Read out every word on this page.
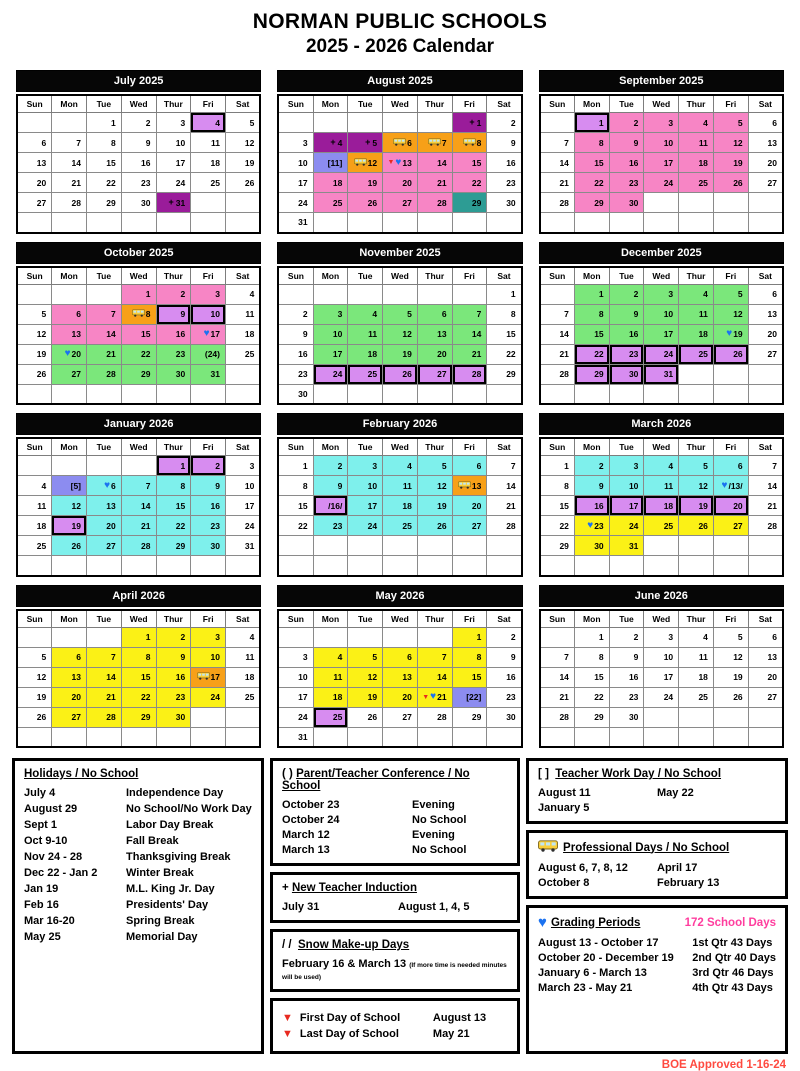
NORMAN PUBLIC SCHOOLS
2025 - 2026 Calendar
July 2025
Sun	Mon	Tue	Wed	Thur	Fri	Sat

		1	2	3	4	5

6	7	8	9	10	11	12

13	14	15	16	17	18	19

20	21	22	23	24	25	26

27	28	29	30	+ 31		

August 2025
Sun	Mon	Tue	Wed	Thur	Fri	Sat

					+ 1	2

3	+ 4	+ 5	6	7	8	9

10	[11]	12	▼ ♥ 13	14	15	16

17	18	19	20	21	22	23

24	25	26	27	28	29	30

31						

September 2025
Sun	Mon	Tue	Wed	Thur	Fri	Sat

	1	2	3	4	5	6

7	8	9	10	11	12	13

14	15	16	17	18	19	20

21	22	23	24	25	26	27

28	29	30				

October 2025
Sun	Mon	Tue	Wed	Thur	Fri	Sat

			1	2	3	4

5	6	7	8	9	10	11

12	13	14	15	16	♥ 17	18

19	♥ 20	21	22	23	(24)	25

26	27	28	29	30	31	

November 2025
Sun	Mon	Tue	Wed	Thur	Fri	Sat

						1

2	3	4	5	6	7	8

9	10	11	12	13	14	15

16	17	18	19	20	21	22

23	24	25	26	27	28	29

30						

December 2025
Sun	Mon	Tue	Wed	Thur	Fri	Sat

	1	2	3	4	5	6

7	8	9	10	11	12	13

14	15	16	17	18	♥ 19	20

21	22	23	24	25	26	27

28	29	30	31			

January 2026
Sun	Mon	Tue	Wed	Thur	Fri	Sat

				1	2	3

4	[5]	♥ 6	7	8	9	10

11	12	13	14	15	16	17

18	19	20	21	22	23	24

25	26	27	28	29	30	31

February 2026
Sun	Mon	Tue	Wed	Thur	Fri	Sat

1	2	3	4	5	6	7

8	9	10	11	12	13	14

15	/16/	17	18	19	20	21

22	23	24	25	26	27	28

March 2026
Sun	Mon	Tue	Wed	Thur	Fri	Sat

1	2	3	4	5	6	7

8	9	10	11	12	♥ /13/	14

15	16	17	18	19	20	21

22	♥ 23	24	25	26	27	28

29	30	31				

April 2026
Sun	Mon	Tue	Wed	Thur	Fri	Sat

			1	2	3	4

5	6	7	8	9	10	11

12	13	14	15	16	17	18

19	20	21	22	23	24	25

26	27	28	29	30		

May 2026
Sun	Mon	Tue	Wed	Thur	Fri	Sat

					1	2

3	4	5	6	7	8	9

10	11	12	13	14	15	16

17	18	19	20	▼ ♥ 21	[22]	23

24	25	26	27	28	29	30

31						

June 2026
Sun	Mon	Tue	Wed	Thur	Fri	Sat

	1	2	3	4	5	6

7	8	9	10	11	12	13

14	15	16	17	18	19	20

21	22	23	24	25	26	27

28	29	30				

Holidays / No School
July 4	Independence Day
August 29	No School/No Work Day
Sept 1	Labor Day Break
Oct 9-10	Fall Break
Nov 24 - 28	Thanksgiving Break
Dec 22 - Jan 2	Winter Break
Jan 19	M.L. King Jr. Day
Feb 16	Presidents' Day
Mar 16-20	Spring Break
May 25	Memorial Day
( ) Parent/Teacher Conference / No School
October 23	Evening
October 24	No School
March 12	Evening
March 13	No School
+ New Teacher Induction
July 31	August 1, 4, 5
/ / Snow Make-up Days
February 16 & March 13 (If more time is needed minutes will be used)
▼ First Day of School	August 13
▼ Last Day of School	May 21
[ ] Teacher Work Day / No School
August 11	May 22
January 5
Professional Days / No School
August 6, 7, 8, 12	April 17
October 8	February 13
♥ Grading Periods	172 School Days
August 13 - October 17	1st Qtr 43 Days
October 20 - December 19	2nd Qtr 40 Days
January 6 - March 13	3rd Qtr 46 Days
March 23 - May 21	4th Qtr 43 Days
BOE Approved 1-16-24
